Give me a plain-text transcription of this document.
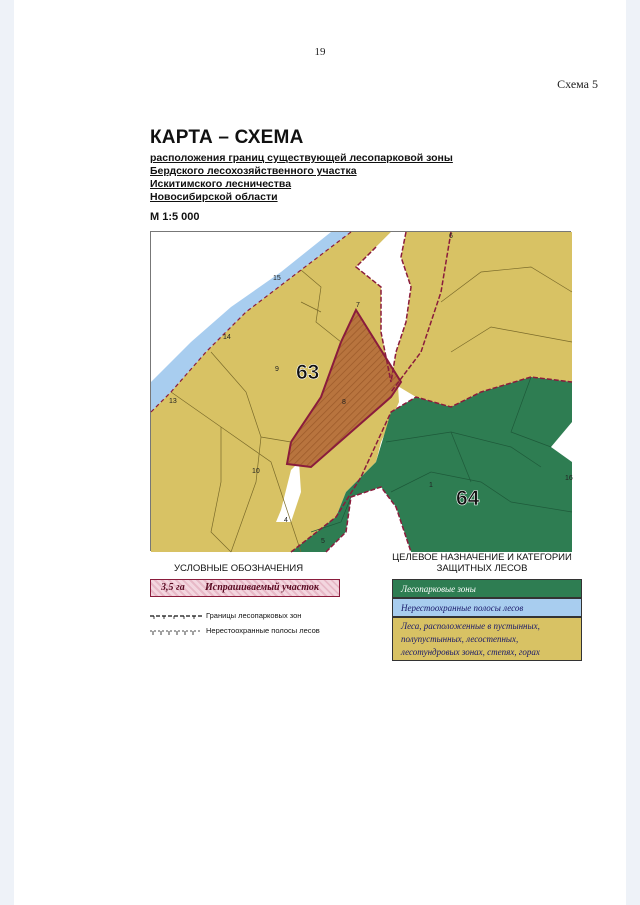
19
Схема 5
КАРТА – СХЕМА
расположения границ существующей лесопарковой зоны
Бердского лесохозяйственного участка
Искитимского лесничества
Новосибирской области
М 1:5 000
63
64
6
15
7
14
9
13	8
10
4
5
1
16
УСЛОВНЫЕ ОБОЗНАЧЕНИЯ
ЦЕЛЕВОЕ НАЗНАЧЕНИЕ И КАТЕГОРИИ ЗАЩИТНЫХ ЛЕСОВ
3,5 га Испрашиваемый участок
Границы лесопарковых зон
Нерестоохранные полосы лесов
Лесопарковые зоны
Нерестоохранные полосы лесов
Леса, расположенные в пустынных, полупустынных, лесостепных, лесотундровых зонах, степях, горах
